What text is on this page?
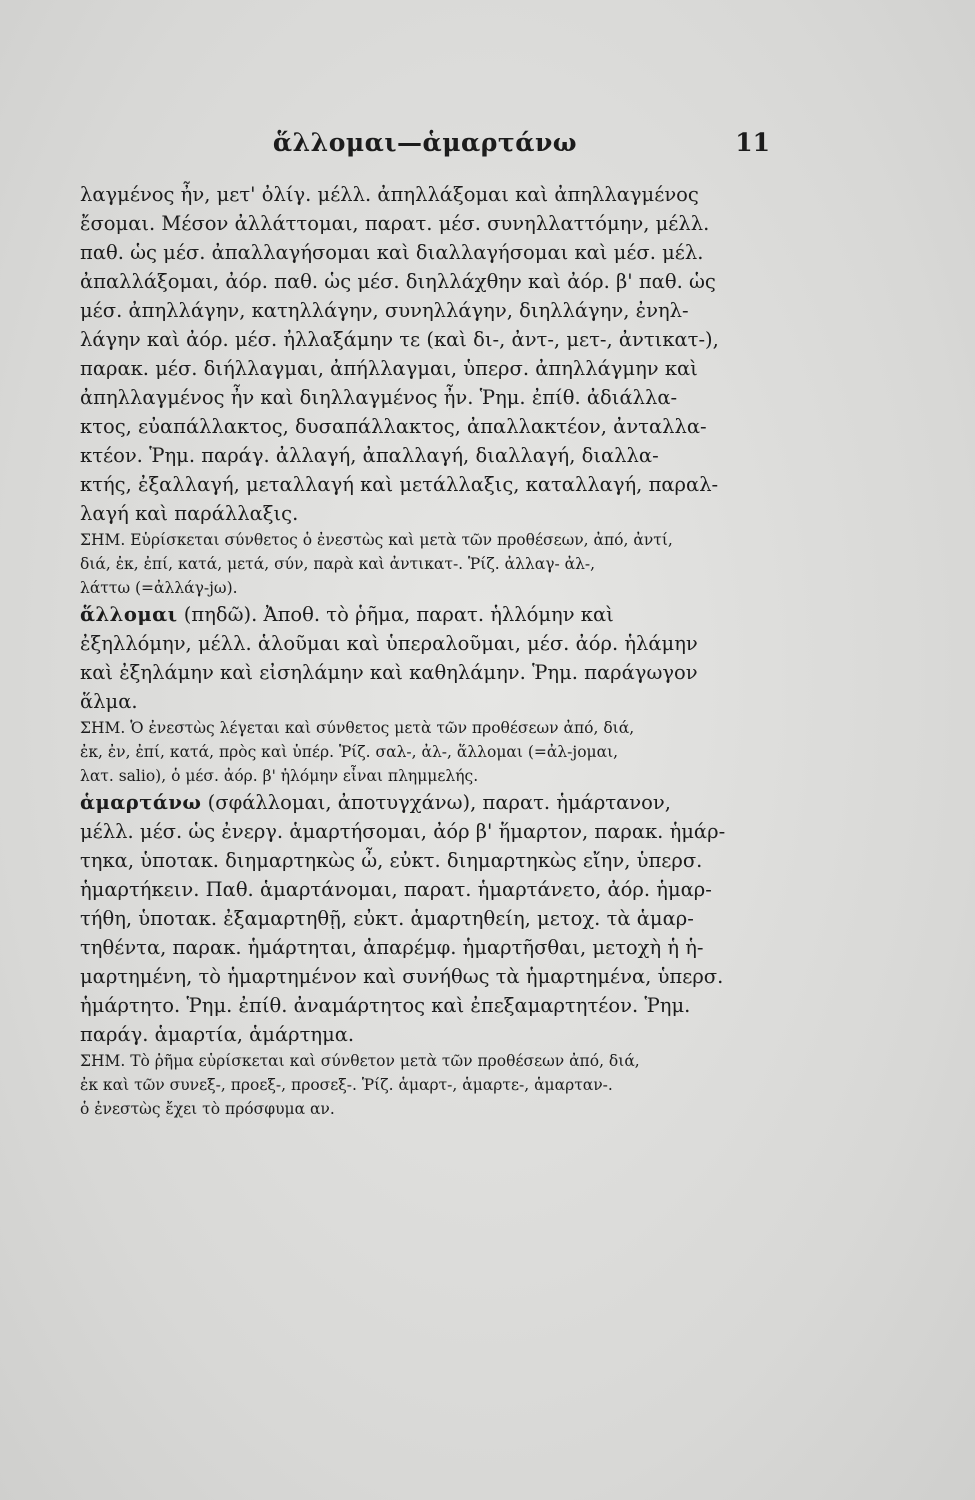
ἅλλομαι—ἁμαρτάνω	11
λαγμένος ἦν, μετ' ὀλίγ. μέλλ. ἀπηλλάξομαι καὶ ἀπηλλαγμένος
ἔσομαι. Μέσον ἀλλάττομαι, παρατ. μέσ. συνηλλαττόμην, μέλλ.
παθ. ὡς μέσ. ἀπαλλαγήσομαι καὶ διαλλαγήσομαι καὶ μέσ. μέλ.
ἀπαλλάξομαι, ἀόρ. παθ. ὡς μέσ. διηλλάχθην καὶ ἀόρ. β' παθ. ὡς
μέσ. ἀπηλλάγην, κατηλλάγην, συνηλλάγην, διηλλάγην, ἐνηλ-
λάγην καὶ ἀόρ. μέσ. ἠλλαξάμην τε (καὶ δι-, ἀντ-, μετ-, ἀντικατ-),
παρακ. μέσ. διήλλαγμαι, ἀπήλλαγμαι, ὑπερσ. ἀπηλλάγμην καὶ
ἀπηλλαγμένος ἦν καὶ διηλλαγμένος ἦν. Ῥημ. ἐπίθ. ἀδιάλλα-
κτος, εὐαπάλλακτος, δυσαπάλλακτος, ἀπαλλακτέον, ἀνταλλα-
κτέον. Ῥημ. παράγ. ἀλλαγή, ἀπαλλαγή, διαλλαγή, διαλλα-
κτής, ἐξαλλαγή, μεταλλαγή καὶ μετάλλαξις, καταλλαγή, παραλ-
λαγή καὶ παράλλαξις.
ΣΗΜ. Εὑρίσκεται σύνθετος ὁ ἐνεστὼς καὶ μετὰ τῶν προθέσεων, ἀπό, ἀντί,
διά, ἐκ, ἐπί, κατά, μετά, σύν, παρὰ καὶ ἀντικατ-. Ῥίζ. ἀλλαγ- ἀλ-,
λάττω (=ἀλλάγ-jω).
ἅλλομαι (πηδῶ). Ἀποθ. τὸ ῥῆμα, παρατ. ἡλλόμην καὶ
ἐξηλλόμην, μέλλ. ἁλοῦμαι καὶ ὑπεραλοῦμαι, μέσ. ἀόρ. ἡλάμην
καὶ ἐξηλάμην καὶ εἰσηλάμην καὶ καθηλάμην. Ῥημ. παράγωγον
ἅλμα.
ΣΗΜ. Ὁ ἐνεστὼς λέγεται καὶ σύνθετος μετὰ τῶν προθέσεων ἀπό, διά,
ἐκ, ἐν, ἐπί, κατά, πρὸς καὶ ὑπέρ. Ῥίζ. σαλ-, ἀλ-, ἅλλομαι (=ἀλ-jομαι,
λατ. salio), ὁ μέσ. ἀόρ. β' ἡλόμην εἶναι πλημμελής.
ἁμαρτάνω (σφάλλομαι, ἀποτυγχάνω), παρατ. ἡμάρτανον,
μέλλ. μέσ. ὡς ἐνεργ. ἁμαρτήσομαι, ἀόρ β' ἥμαρτον, παρακ. ἡμάρ-
τηκα, ὑποτακ. διημαρτηκὼς ὦ, εὐκτ. διημαρτηκὼς εἴην, ὑπερσ.
ἡμαρτήκειν. Παθ. ἁμαρτάνομαι, παρατ. ἡμαρτάνετο, ἀόρ. ἡμαρ-
τήθη, ὑποτακ. ἐξαμαρτηθῇ, εὐκτ. ἁμαρτηθείη, μετοχ. τὰ ἁμαρ-
τηθέντα, παρακ. ἡμάρτηται, ἀπαρέμφ. ἡμαρτῆσθαι, μετοχὴ ἡ ἡ-
μαρτημένη, τὸ ἡμαρτημένον καὶ συνήθως τὰ ἡμαρτημένα, ὑπερσ.
ἡμάρτητο. Ῥημ. ἐπίθ. ἀναμάρτητος καὶ ἐπεξαμαρτητέον. Ῥημ.
παράγ. ἁμαρτία, ἁμάρτημα.
ΣΗΜ. Τὸ ῥῆμα εὑρίσκεται καὶ σύνθετον μετὰ τῶν προθέσεων ἀπό, διά,
ἐκ καὶ τῶν συνεξ-, προεξ-, προσεξ-. Ῥίζ. ἁμαρτ-, ἁμαρτε-, ἁμαρταν-.
ὁ ἐνεστὼς ἔχει τὸ πρόσφυμα αν.
